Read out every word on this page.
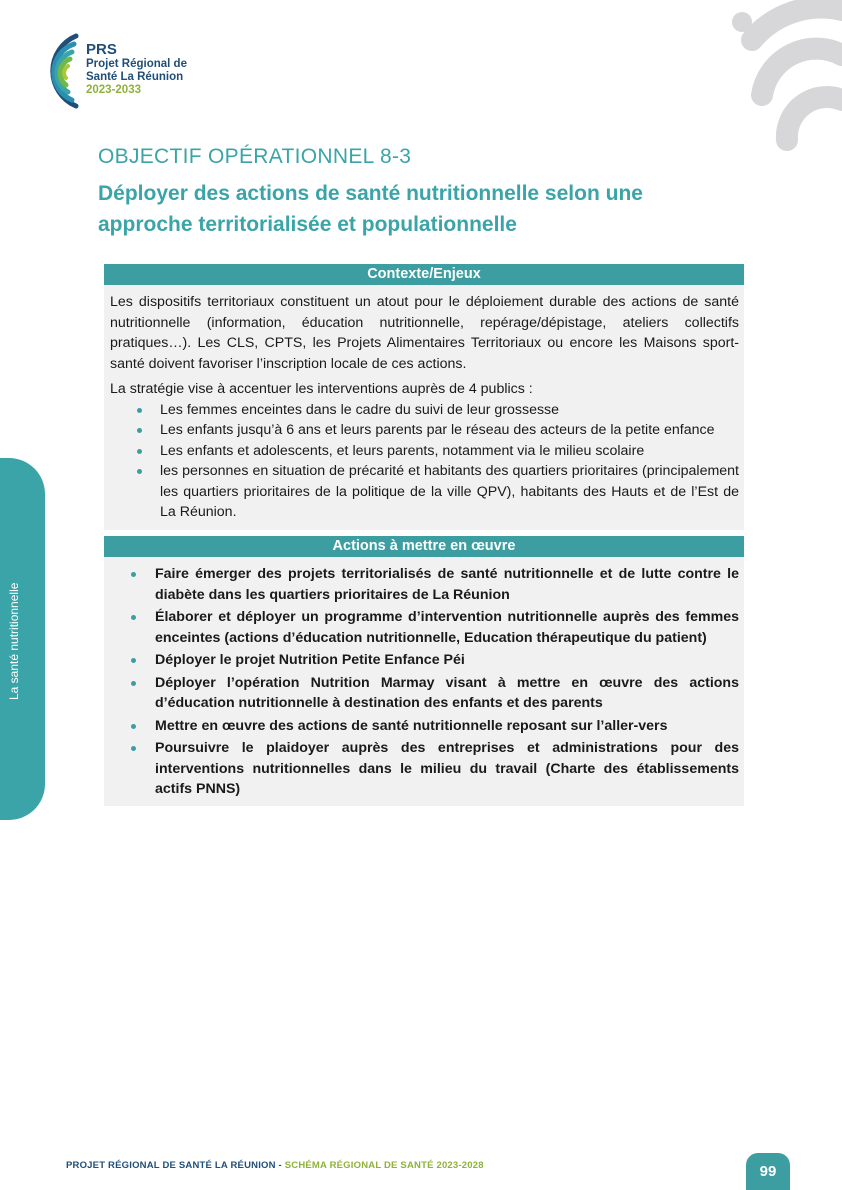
PRS
Projet Régional de
Santé La Réunion
2023-2033
La santé nutritionnelle
OBJECTIF OPÉRATIONNEL 8-3
Déployer des actions de santé nutritionnelle selon une approche territorialisée et populationnelle
Contexte/Enjeux
Les dispositifs territoriaux constituent un atout pour le déploiement durable des actions de santé nutritionnelle (information, éducation nutritionnelle, repérage/dépistage, ateliers collectifs pratiques…). Les CLS, CPTS, les Projets Alimentaires Territoriaux ou encore les Maisons sport-santé doivent favoriser l’inscription locale de ces actions.
La stratégie vise à accentuer les interventions auprès de 4 publics :
Les femmes enceintes dans le cadre du suivi de leur grossesse
Les enfants jusqu’à 6 ans et leurs parents par le réseau des acteurs de la petite enfance
Les enfants et adolescents, et leurs parents, notamment via le milieu scolaire
les personnes en situation de précarité et habitants des quartiers prioritaires (principalement les quartiers prioritaires de la politique de la ville QPV), habitants des Hauts et de l’Est de La Réunion.
Actions à mettre en œuvre
Faire émerger des projets territorialisés de santé nutritionnelle et de lutte contre le diabète dans les quartiers prioritaires de La Réunion
Élaborer et déployer un programme d’intervention nutritionnelle auprès des femmes enceintes (actions d’éducation nutritionnelle, Education thérapeutique du patient)
Déployer le projet Nutrition Petite Enfance Péi
Déployer l’opération Nutrition Marmay visant à mettre en œuvre des actions d’éducation nutritionnelle à destination des enfants et des parents
Mettre en œuvre des actions de santé nutritionnelle reposant sur l’aller-vers
Poursuivre le plaidoyer auprès des entreprises et administrations pour des interventions nutritionnelles dans le milieu du travail (Charte des établissements actifs PNNS)
PROJET RÉGIONAL DE SANTÉ LA RÉUNION - SCHÉMA RÉGIONAL DE SANTÉ 2023-2028	99
